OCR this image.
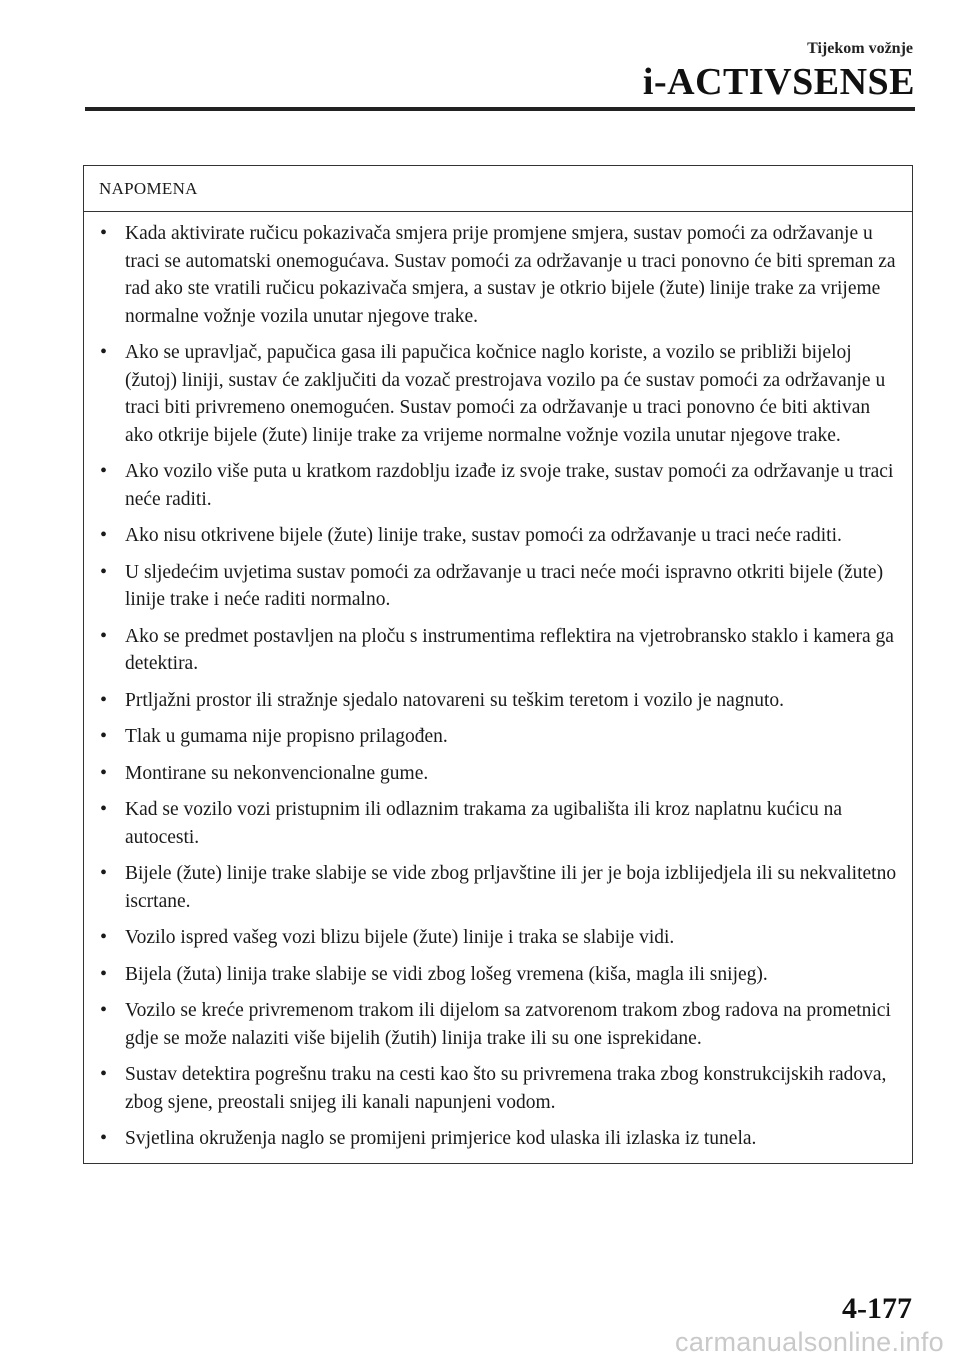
Tijekom vožnje
i-ACTIVSENSE
NAPOMENA
• Kada aktivirate ručicu pokazivača smjera prije promjene smjera, sustav pomoći za održavanje u traci se automatski onemogućava. Sustav pomoći za održavanje u traci ponovno će biti spreman za rad ako ste vratili ručicu pokazivača smjera, a sustav je otkrio bijele (žute) linije trake za vrijeme normalne vožnje vozila unutar njegove trake.
• Ako se upravljač, papučica gasa ili papučica kočnice naglo koriste, a vozilo se približi bijeloj (žutoj) liniji, sustav će zaključiti da vozač prestrojava vozilo pa će sustav pomoći za održavanje u traci biti privremeno onemogućen. Sustav pomoći za održavanje u traci ponovno će biti aktivan ako otkrije bijele (žute) linije trake za vrijeme normalne vožnje vozila unutar njegove trake.
• Ako vozilo više puta u kratkom razdoblju izađe iz svoje trake, sustav pomoći za održavanje u traci neće raditi.
• Ako nisu otkrivene bijele (žute) linije trake, sustav pomoći za održavanje u traci neće raditi.
• U sljedećim uvjetima sustav pomoći za održavanje u traci neće moći ispravno otkriti bijele (žute) linije trake i neće raditi normalno.
• Ako se predmet postavljen na ploču s instrumentima reflektira na vjetrobransko staklo i kamera ga detektira.
• Prtljažni prostor ili stražnje sjedalo natovareni su teškim teretom i vozilo je nagnuto.
• Tlak u gumama nije propisno prilagođen.
• Montirane su nekonvencionalne gume.
• Kad se vozilo vozi pristupnim ili odlaznim trakama za ugibališta ili kroz naplatnu kućicu na autocesti.
• Bijele (žute) linije trake slabije se vide zbog prljavštine ili jer je boja izblijedjela ili su nekvalitetno iscrtane.
• Vozilo ispred vašeg vozi blizu bijele (žute) linije i traka se slabije vidi.
• Bijela (žuta) linija trake slabije se vidi zbog lošeg vremena (kiša, magla ili snijeg).
• Vozilo se kreće privremenom trakom ili dijelom sa zatvorenom trakom zbog radova na prometnici gdje se može nalaziti više bijelih (žutih) linija trake ili su one isprekidane.
• Sustav detektira pogrešnu traku na cesti kao što su privremena traka zbog konstrukcijskih radova, zbog sjene, preostali snijeg ili kanali napunjeni vodom.
• Svjetlina okruženja naglo se promijeni primjerice kod ulaska ili izlaska iz tunela.
4-177
carmanualsonline.info
